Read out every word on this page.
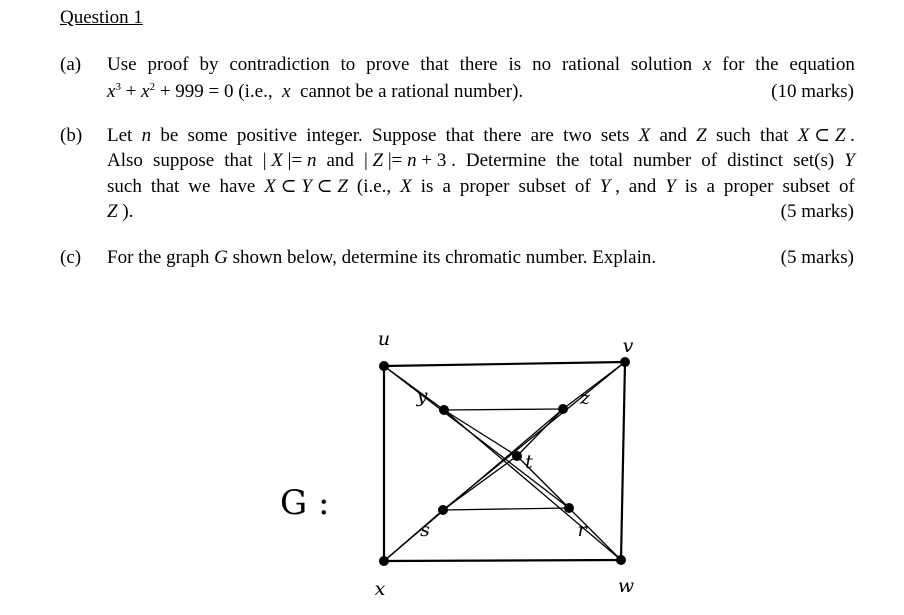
Question 1
(a) Use proof by contradiction to prove that there is no rational solution x for the equation
$x^3 + x^2 + 999 = 0$ (i.e.,  x  cannot be a rational number).	(10 marks)
(b) Let n be some positive integer. Suppose that there are two sets X and Z such that X ⊂ Z .
Also suppose that | X |= n and | Z |= n + 3 . Determine the total number of distinct set(s) Y
such that we have X ⊂ Y ⊂ Z (i.e., X is a proper subset of Y , and Y is a proper subset of
Z ).	(5 marks)
(c) For the graph G shown below, determine its chromatic number. Explain.	(5 marks)
G :
u	v
w
x
y	z
t
s	r
